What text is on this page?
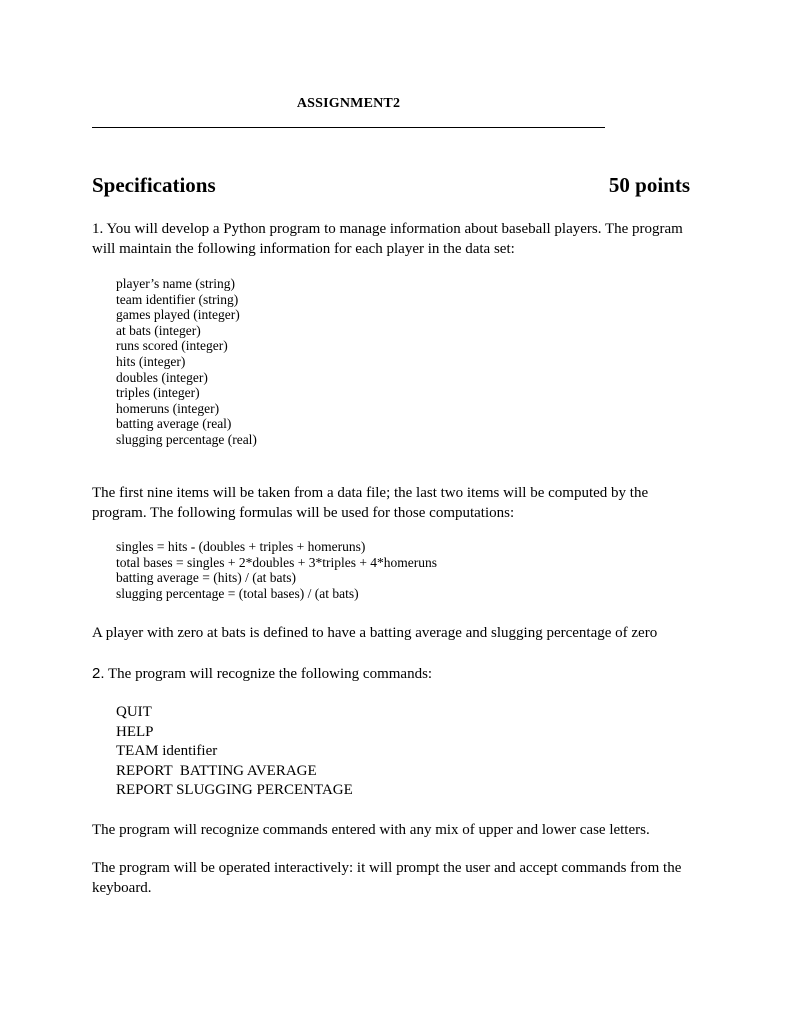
ASSIGNMENT2
Specifications	50 points
1. You will develop a Python program to manage information about baseball players. The program will maintain the following information for each player in the data set:
player’s name (string)
team identifier (string)
games played (integer)
at bats (integer)
runs scored (integer)
hits (integer)
doubles (integer)
triples (integer)
homeruns (integer)
batting average (real)
slugging percentage (real)
The first nine items will be taken from a data file; the last two items will be computed by the program. The following formulas will be used for those computations:
singles = hits - (doubles + triples + homeruns)
total bases = singles + 2*doubles + 3*triples + 4*homeruns
batting average = (hits) / (at bats)
slugging percentage = (total bases) / (at bats)
A player with zero at bats is defined to have a batting average and slugging percentage of zero
2. The program will recognize the following commands:
QUIT
HELP
TEAM identifier
REPORT  BATTING AVERAGE
REPORT SLUGGING PERCENTAGE
The program will recognize commands entered with any mix of upper and lower case letters.
The program will be operated interactively: it will prompt the user and accept commands from the keyboard.
